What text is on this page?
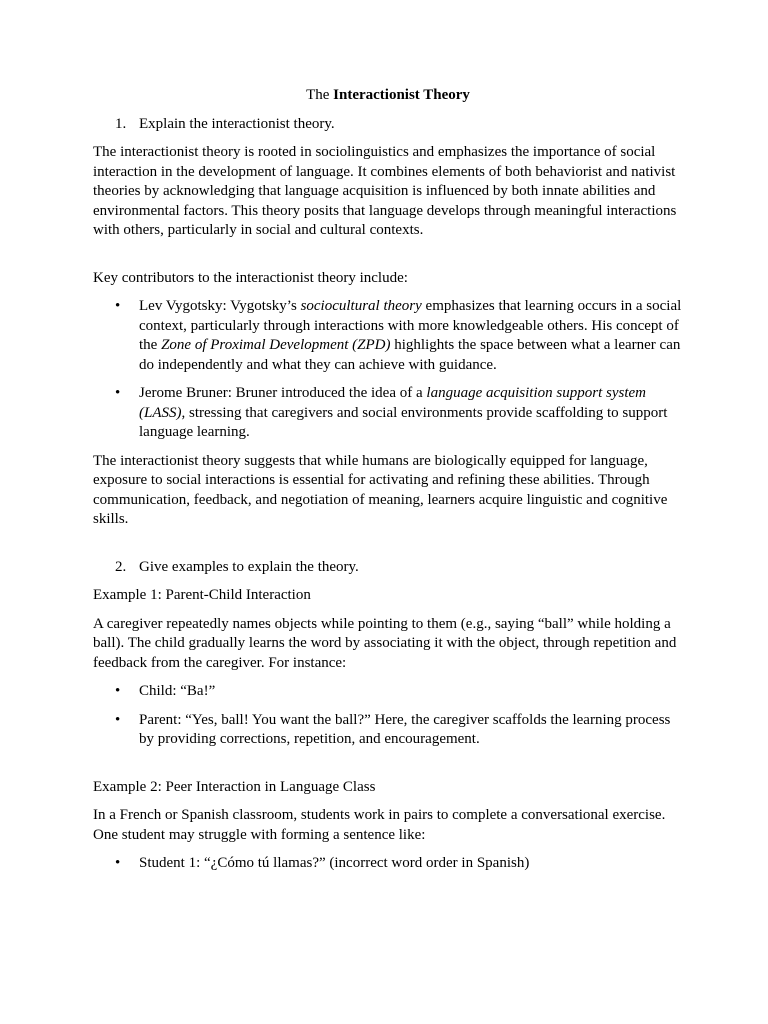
The Interactionist Theory
1. Explain the interactionist theory.

The interactionist theory is rooted in sociolinguistics and emphasizes the importance of social interaction in the development of language. It combines elements of both behaviorist and nativist theories by acknowledging that language acquisition is influenced by both innate abilities and environmental factors. This theory posits that language develops through meaningful interactions with others, particularly in social and cultural contexts.

Key contributors to the interactionist theory include:

• Lev Vygotsky: Vygotsky’s sociocultural theory emphasizes that learning occurs in a social context, particularly through interactions with more knowledgeable others. His concept of the Zone of Proximal Development (ZPD) highlights the space between what a learner can do independently and what they can achieve with guidance.
• Jerome Bruner: Bruner introduced the idea of a language acquisition support system (LASS), stressing that caregivers and social environments provide scaffolding to support language learning.

The interactionist theory suggests that while humans are biologically equipped for language, exposure to social interactions is essential for activating and refining these abilities. Through communication, feedback, and negotiation of meaning, learners acquire linguistic and cognitive skills.

2. Give examples to explain the theory.

Example 1: Parent-Child Interaction

A caregiver repeatedly names objects while pointing to them (e.g., saying “ball” while holding a ball). The child gradually learns the word by associating it with the object, through repetition and feedback from the caregiver. For instance:

• Child: “Ba!”
• Parent: “Yes, ball! You want the ball?” Here, the caregiver scaffolds the learning process by providing corrections, repetition, and encouragement.

Example 2: Peer Interaction in Language Class

In a French or Spanish classroom, students work in pairs to complete a conversational exercise. One student may struggle with forming a sentence like:

• Student 1: “¿Cómo tú llamas?” (incorrect word order in Spanish)
